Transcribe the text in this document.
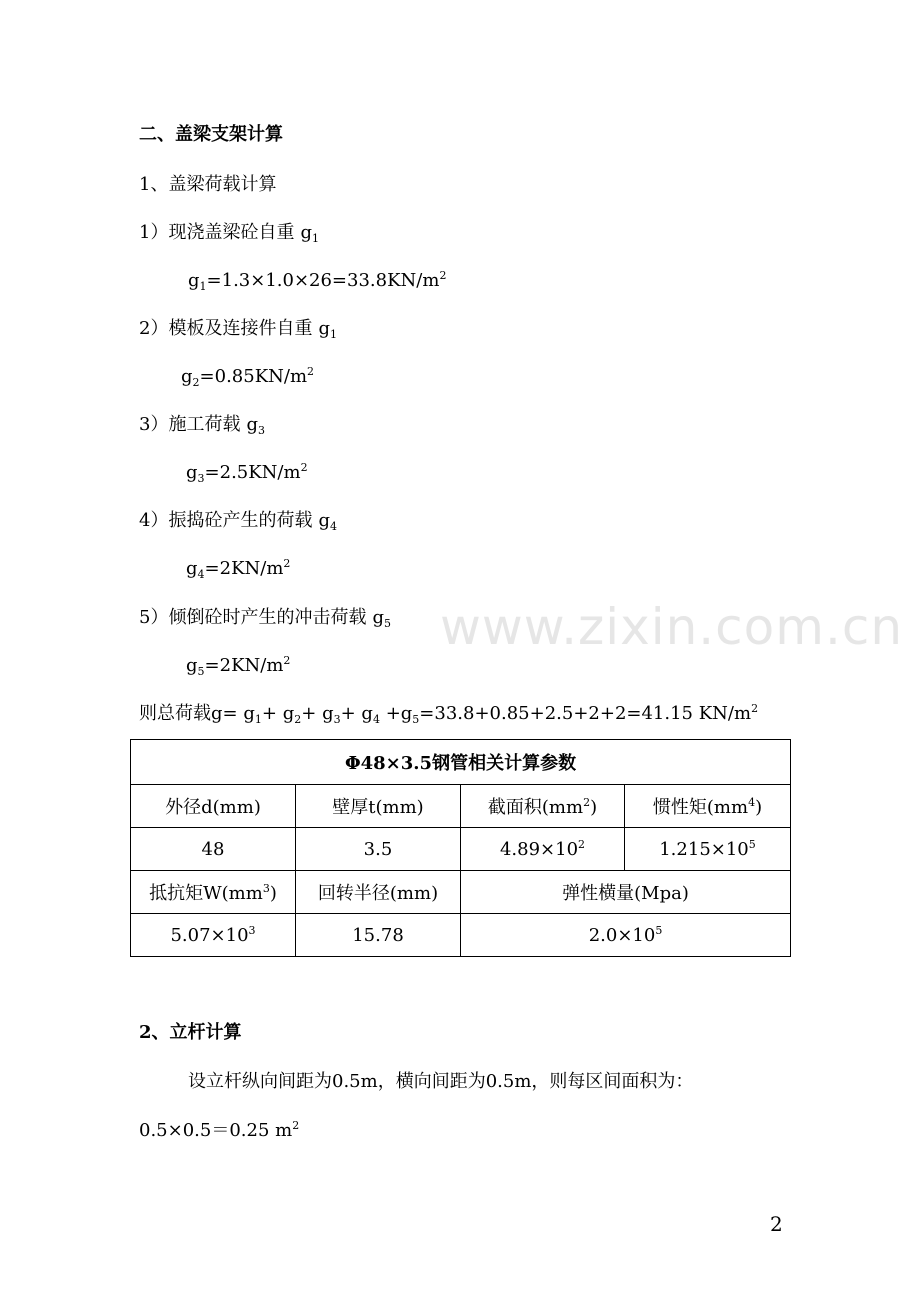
www.zixin.com.cn
二、盖梁支架计算
1、盖梁荷载计算
1）现浇盖梁砼自重 $g_1$
$g_1=1.3\times 1.0\times 26=33.8KN/m^2$
2）模板及连接件自重 $g_1$
$g_2=0.85KN/m^2$
3）施工荷载 $g_3$
$g_3=2.5KN/m^2$
4）振捣砼产生的荷载 $g_4$
$g_4=2KN/m^2$
5）倾倒砼时产生的冲击荷载 $g_5$
$g_5=2KN/m^2$
则总荷载$g= g_1+ g_2+ g_3+ g_4 +g_5=33.8+0.85+2.5+2+2=41.15$ $KN/m^2$
Φ48×3.5钢管相关计算参数			
外径d(mm)	壁厚t(mm)	截面积$(mm^2)$	惯性矩$(mm^4)$
48	3.5	$4.89\times 10^2$	$1.215\times 10^5$
抵抗矩$W(mm^3)$	回转半径(mm)	弹性横量(Mpa)	
$5.07\times 10^3$	15.78	$2.0\times 10^5$
2、立杆计算
设立杆纵向间距为0.5m，横向间距为0.5m，则每区间面积为：
0.5×0.5＝0.25 $m^2$
2
